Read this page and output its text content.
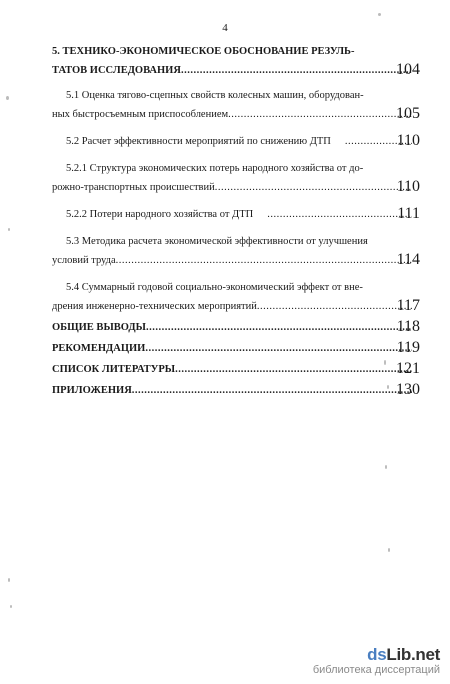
4
5. ТЕХНИКО-ЭКОНОМИЧЕСКОЕ ОБОСНОВАНИЕ РЕЗУЛЬ-
ТАТОВ ИССЛЕДОВАНИЯ .....	104
5.1 Оценка тягово-сцепных свойств колесных машин, оборудован-
ных быстросъемным приспособлением .....	105
5.2 Расчет эффективности мероприятий по снижению ДТП .....	110
5.2.1 Структура экономических потерь народного хозяйства от до-
рожно-транспортных происшествий .....	110
5.2.2 Потери народного хозяйства от ДТП .....	111
5.3 Методика расчета экономической эффективности от улучшения
условий труда .....	114
5.4 Суммарный годовой социально-экономический эффект от вне-
дрения инженерно-технических мероприятий .....	117
ОБЩИЕ ВЫВОДЫ .....	118
РЕКОМЕНДАЦИИ .....	119
СПИСОК ЛИТЕРАТУРЫ .....	121
ПРИЛОЖЕНИЯ .....	130
dsLib.net
библиотека диссертаций
